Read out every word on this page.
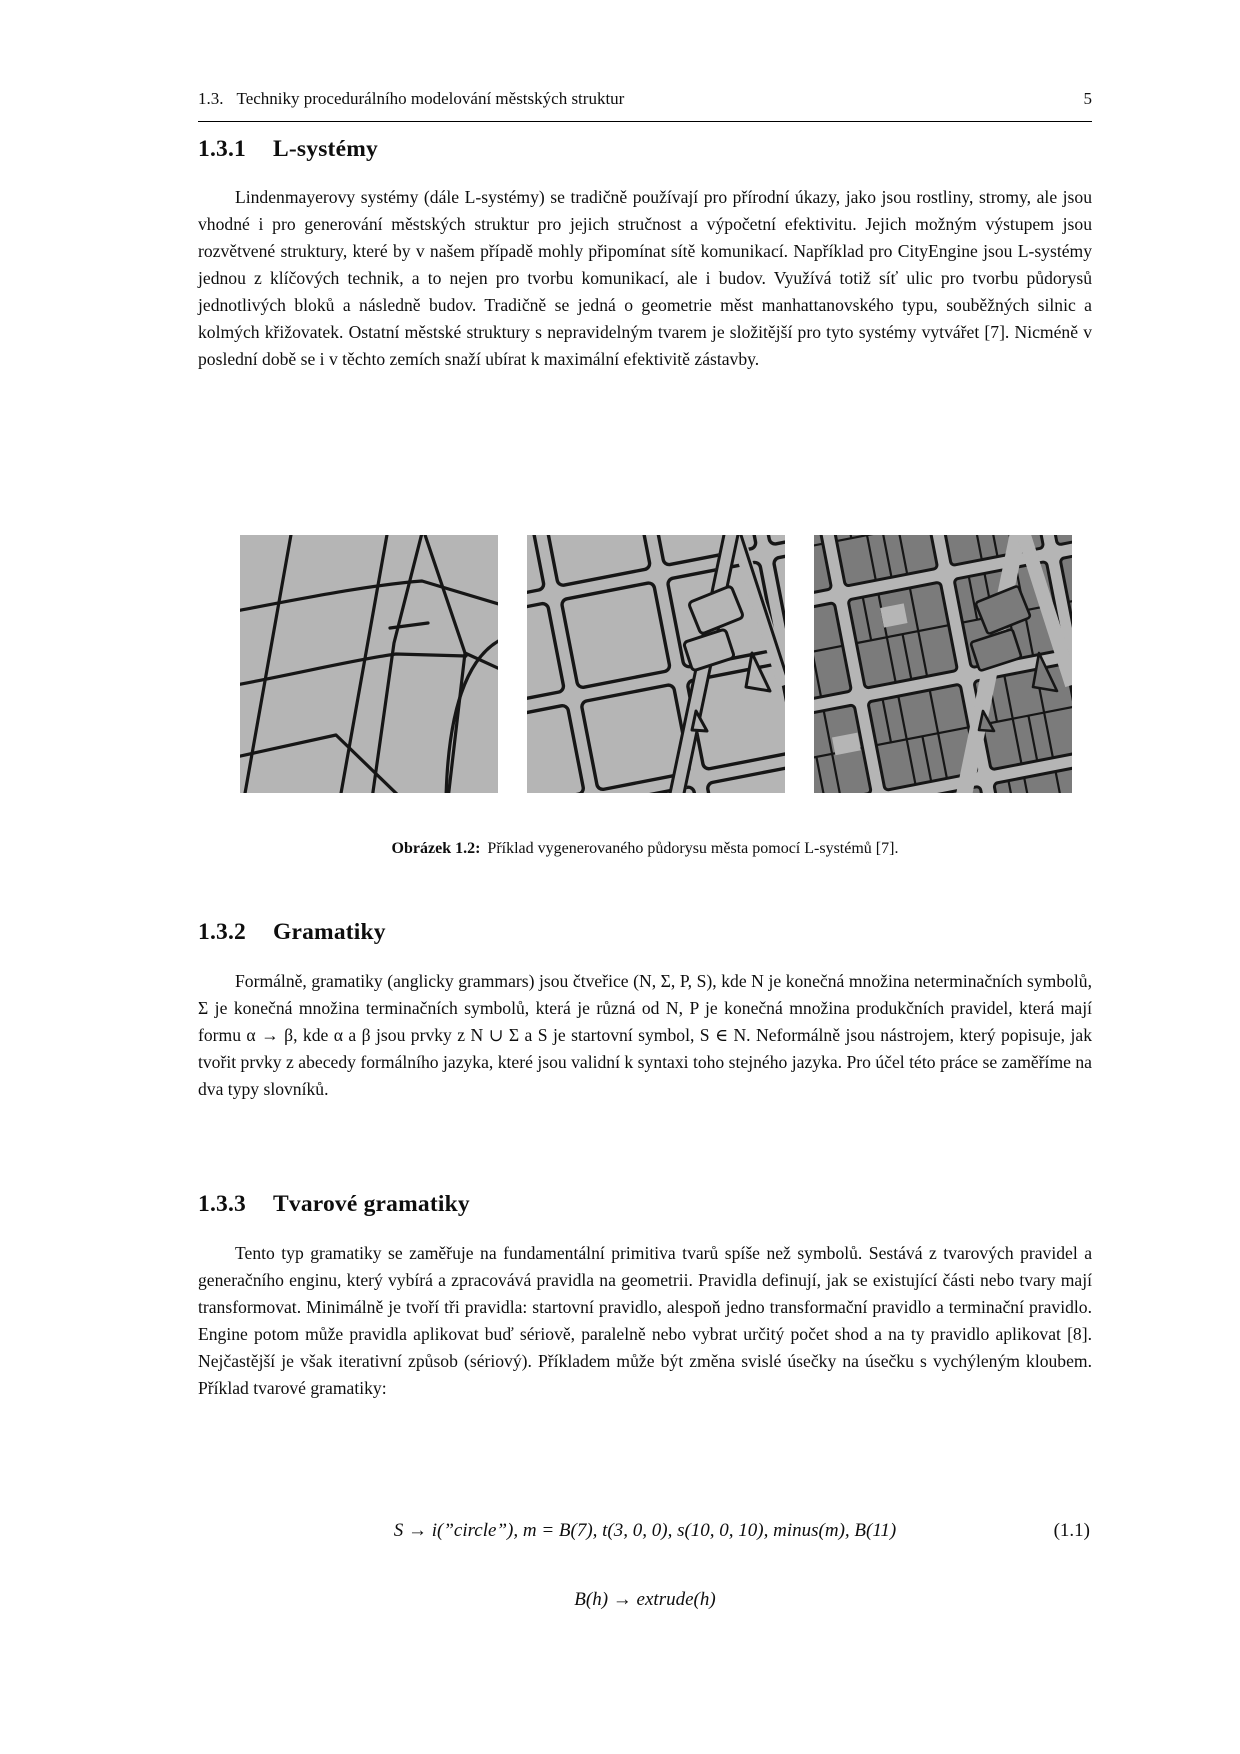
1.3. Techniky procedurálního modelování městských struktur	5
1.3.1 L-systémy

Lindenmayerovy systémy (dále L-systémy) se tradičně používají pro přírodní úkazy, jako jsou rostliny, stromy, ale jsou vhodné i pro generování městských struktur pro jejich stručnost a výpočetní efektivitu. Jejich možným výstupem jsou rozvětvené struktury, které by v našem případě mohly připomínat sítě komunikací. Například pro CityEngine jsou L-systémy jednou z klíčových technik, a to nejen pro tvorbu komunikací, ale i budov. Využívá totiž síť ulic pro tvorbu půdorysů jednotlivých bloků a následně budov. Tradičně se jedná o geometrie měst manhattanovského typu, souběžných silnic a kolmých křižovatek. Ostatní městské struktury s nepravidelným tvarem je složitější pro tyto systémy vytvářet [7]. Nicméně v poslední době se i v těchto zemích snaží ubírat k maximální efektivitě zástavby.

Obrázek 1.2: Příklad vygenerovaného půdorysu města pomocí L-systémů [7].
1.3.2 Gramatiky

Formálně, gramatiky (anglicky grammars) jsou čtveřice (N, Σ, P, S), kde N je konečná množina neterminačních symbolů, Σ je konečná množina terminačních symbolů, která je různá od N, P je konečná množina produkčních pravidel, která mají formu α → β, kde α a β jsou prvky z N ∪ Σ a S je startovní symbol, S ∈ N. Neformálně jsou nástrojem, který popisuje, jak tvořit prvky z abecedy formálního jazyka, které jsou validní k syntaxi toho stejného jazyka. Pro účel této práce se zaměříme na dva typy slovníků.

1.3.3 Tvarové gramatiky

Tento typ gramatiky se zaměřuje na fundamentální primitiva tvarů spíše než symbolů. Sestává z tvarových pravidel a generačního enginu, který vybírá a zpracovává pravidla na geometrii. Pravidla definují, jak se existující části nebo tvary mají transformovat. Minimálně je tvoří tři pravidla: startovní pravidlo, alespoň jedno transformační pravidlo a terminační pravidlo. Engine potom může pravidla aplikovat buď sériově, paralelně nebo vybrat určitý počet shod a na ty pravidlo aplikovat [8]. Nejčastější je však iterativní způsob (sériový). Příkladem může být změna svislé úsečky na úsečku s vychýleným kloubem. Příklad tvarové gramatiky:

S → i(”circle”), m = B(7), t(3, 0, 0), s(10, 0, 10), minus(m), B(11)	(1.1)
B(h) → extrude(h)
